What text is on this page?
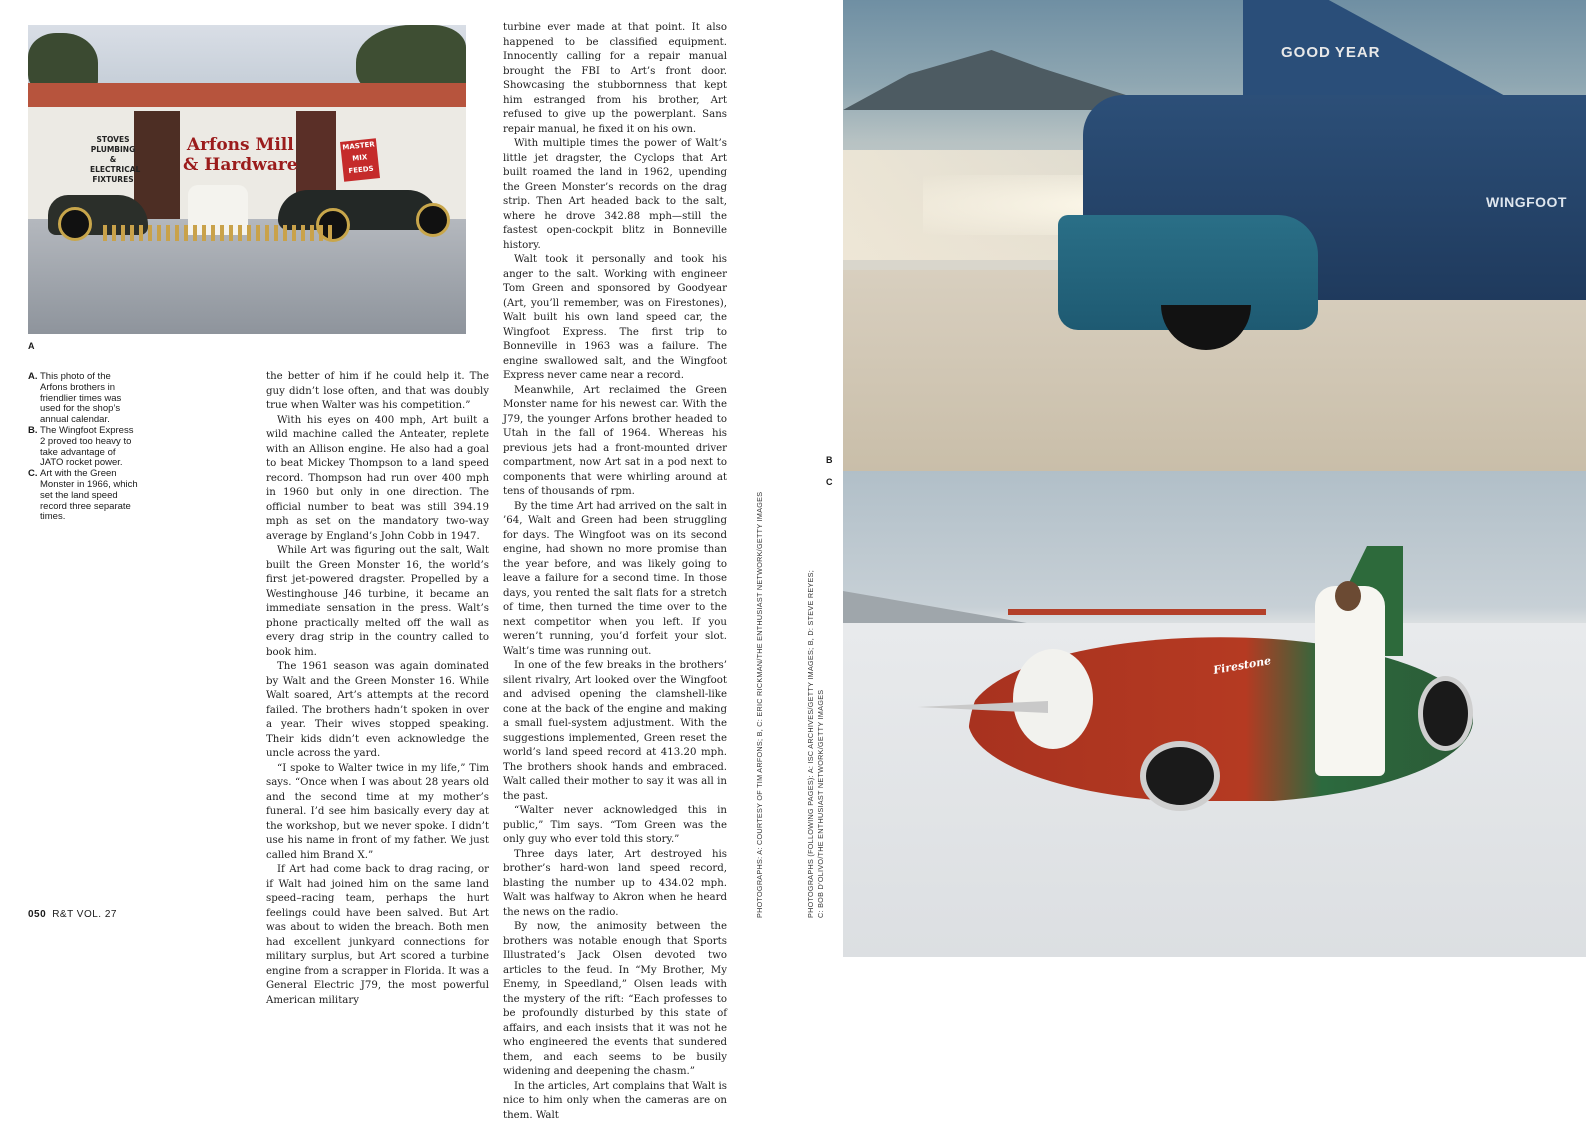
STOVES
PLUMBING
&
ELECTRICAL
FIXTURES
Arfons Mill
& Hardware
MASTER
MIX
FEEDS
A
A. This photo of the Arfons brothers in friendlier times was used for the shop’s annual calendar.
B. The Wingfoot Express 2 proved too heavy to take advantage of JATO rocket power.
C. Art with the Green Monster in 1966, which set the land speed record three separate times.

the better of him if he could help it. The guy didn’t lose often, and that was doubly true when Walter was his competition.”

With his eyes on 400 mph, Art built a wild machine called the Anteater, replete with an Allison engine. He also had a goal to beat Mickey Thompson to a land speed record. Thompson had run over 400 mph in 1960 but only in one direction. The official number to beat was still 394.19 mph as set on the mandatory two-way average by England’s John Cobb in 1947.

While Art was figuring out the salt, Walt built the Green Monster 16, the world’s first jet-powered dragster. Propelled by a Westinghouse J46 turbine, it became an immediate sensation in the press. Walt’s phone practically melted off the wall as every drag strip in the country called to book him.

The 1961 season was again dominated by Walt and the Green Monster 16. While Walt soared, Art’s attempts at the record failed. The brothers hadn’t spoken in over a year. Their wives stopped speaking. Their kids didn’t even acknowledge the uncle across the yard.

“I spoke to Walter twice in my life,” Tim says. “Once when I was about 28 years old and the second time at my mother’s funeral. I’d see him basically every day at the workshop, but we never spoke. I didn’t use his name in front of my father. We just called him Brand X.”

If Art had come back to drag racing, or if Walt had joined him on the same land speed–racing team, perhaps the hurt feelings could have been salved. But Art was about to widen the breach. Both men had excellent junkyard connections for military surplus, but Art scored a turbine engine from a scrapper in Florida. It was a General Electric J79, the most powerful American military

turbine ever made at that point. It also happened to be classified equipment. Innocently calling for a repair manual brought the FBI to Art’s front door. Showcasing the stubbornness that kept him estranged from his brother, Art refused to give up the powerplant. Sans repair manual, he fixed it on his own.

With multiple times the power of Walt’s little jet dragster, the Cyclops that Art built roamed the land in 1962, upending the Green Monster’s records on the drag strip. Then Art headed back to the salt, where he drove 342.88 mph—still the fastest open-cockpit blitz in Bonneville history.

Walt took it personally and took his anger to the salt. Working with engineer Tom Green and sponsored by Goodyear (Art, you’ll remember, was on Firestones), Walt built his own land speed car, the Wingfoot Express. The first trip to Bonneville in 1963 was a failure. The engine swallowed salt, and the Wingfoot Express never came near a record.

Meanwhile, Art reclaimed the Green Monster name for his newest car. With the J79, the younger Arfons brother headed to Utah in the fall of 1964. Whereas his previous jets had a front-mounted driver compartment, now Art sat in a pod next to components that were whirling around at tens of thousands of rpm.

By the time Art had arrived on the salt in ’64, Walt and Green had been struggling for days. The Wingfoot was on its second engine, had shown no more promise than the year before, and was likely going to leave a failure for a second time. In those days, you rented the salt flats for a stretch of time, then turned the time over to the next competitor when you left. If you weren’t running, you’d forfeit your slot. Walt’s time was running out.

In one of the few breaks in the brothers’ silent rivalry, Art looked over the Wingfoot and advised opening the clamshell-like cone at the back of the engine and making a small fuel-system adjustment. With the suggestions implemented, Green reset the world’s land speed record at 413.20 mph. The brothers shook hands and embraced. Walt called their mother to say it was all in the past.

“Walter never acknowledged this in public,” Tim says. “Tom Green was the only guy who ever told this story.”

Three days later, Art destroyed his brother’s hard-won land speed record, blasting the number up to 434.02 mph. Walt was halfway to Akron when he heard the news on the radio.

By now, the animosity between the brothers was notable enough that Sports Illustrated’s Jack Olsen devoted two articles to the feud. In “My Brother, My Enemy, in Speedland,” Olsen leads with the mystery of the rift: “Each professes to be profoundly disturbed by this state of affairs, and each insists that it was not he who engineered the events that sundered them, and each seems to be busily widening and deepening the chasm.”

In the articles, Art complains that Walt is nice to him only when the cameras are on them. Walt

050 R&T VOL. 27	PHOTOGRAPHS: A: COURTESY OF TIM ARFONS; B, C: ERIC RICKMAN/THE ENTHUSIAST NETWORK/GETTY IMAGES	PHOTOGRAPHS (FOLLOWING PAGES): A: ISC ARCHIVES/GETTY IMAGES; B, D: STEVE REYES; C: BOB D’OLIVO/THE ENTHUSIAST NETWORK/GETTY IMAGES
B
C
GOOD YEAR
WINGFOOT
Firestone
